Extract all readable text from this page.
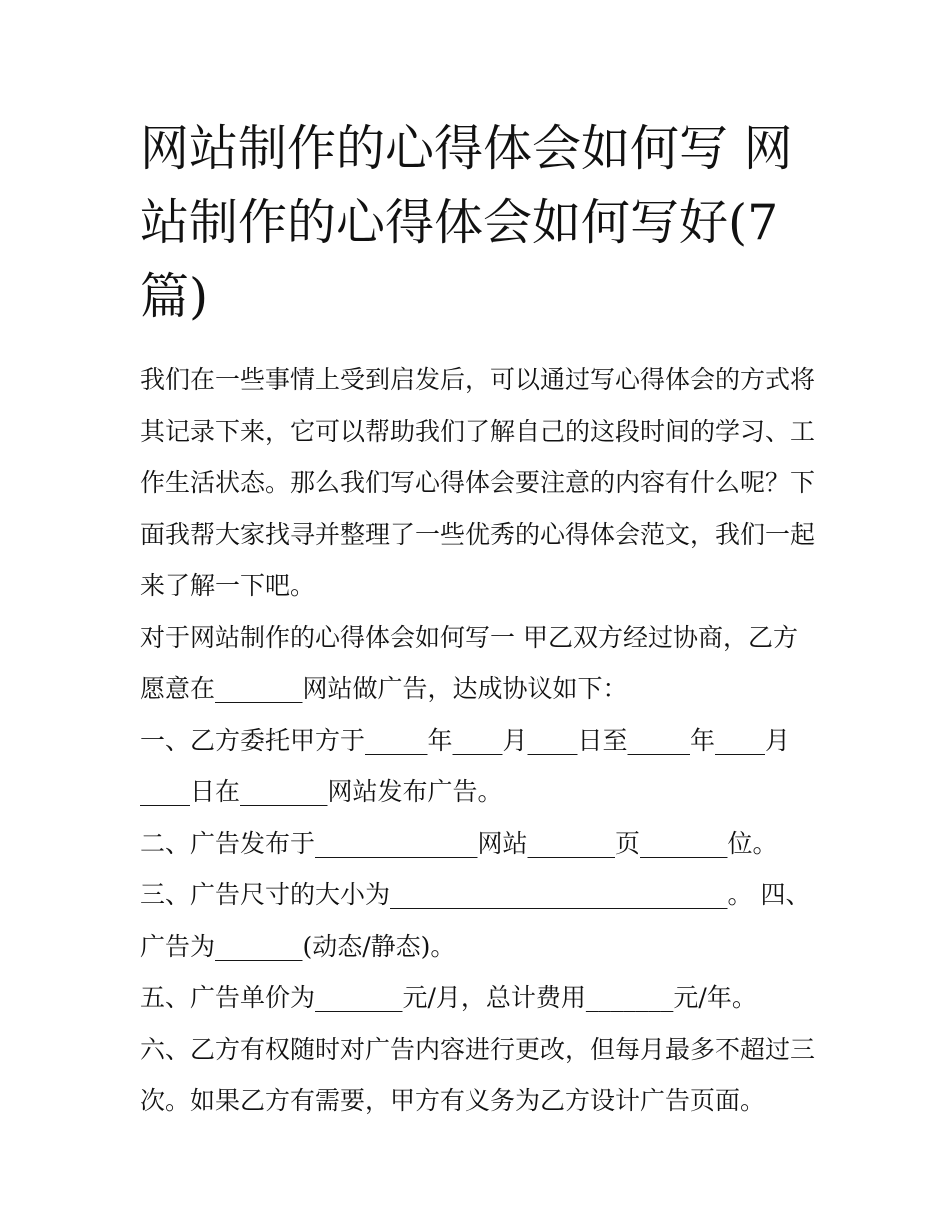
网站制作的心得体会如何写 网站制作的心得体会如何写好(7篇)

我们在一些事情上受到启发后，可以通过写心得体会的方式将其记录下来，它可以帮助我们了解自己的这段时间的学习、工作生活状态。那么我们写心得体会要注意的内容有什么呢？下面我帮大家找寻并整理了一些优秀的心得体会范文，我们一起来了解一下吧。

对于网站制作的心得体会如何写一 甲乙双方经过协商，乙方愿意在_______网站做广告，达成协议如下：

一、乙方委托甲方于_____年____月____日至_____年____月____日在_______网站发布广告。

二、广告发布于_____________网站_______页_______位。

三、广告尺寸的大小为___________________________。 四、广告为_______(动态/静态)。

五、广告单价为_______元/月，总计费用_______元/年。

六、乙方有权随时对广告内容进行更改，但每月最多不超过三次。如果乙方有需要，甲方有义务为乙方设计广告页面。
